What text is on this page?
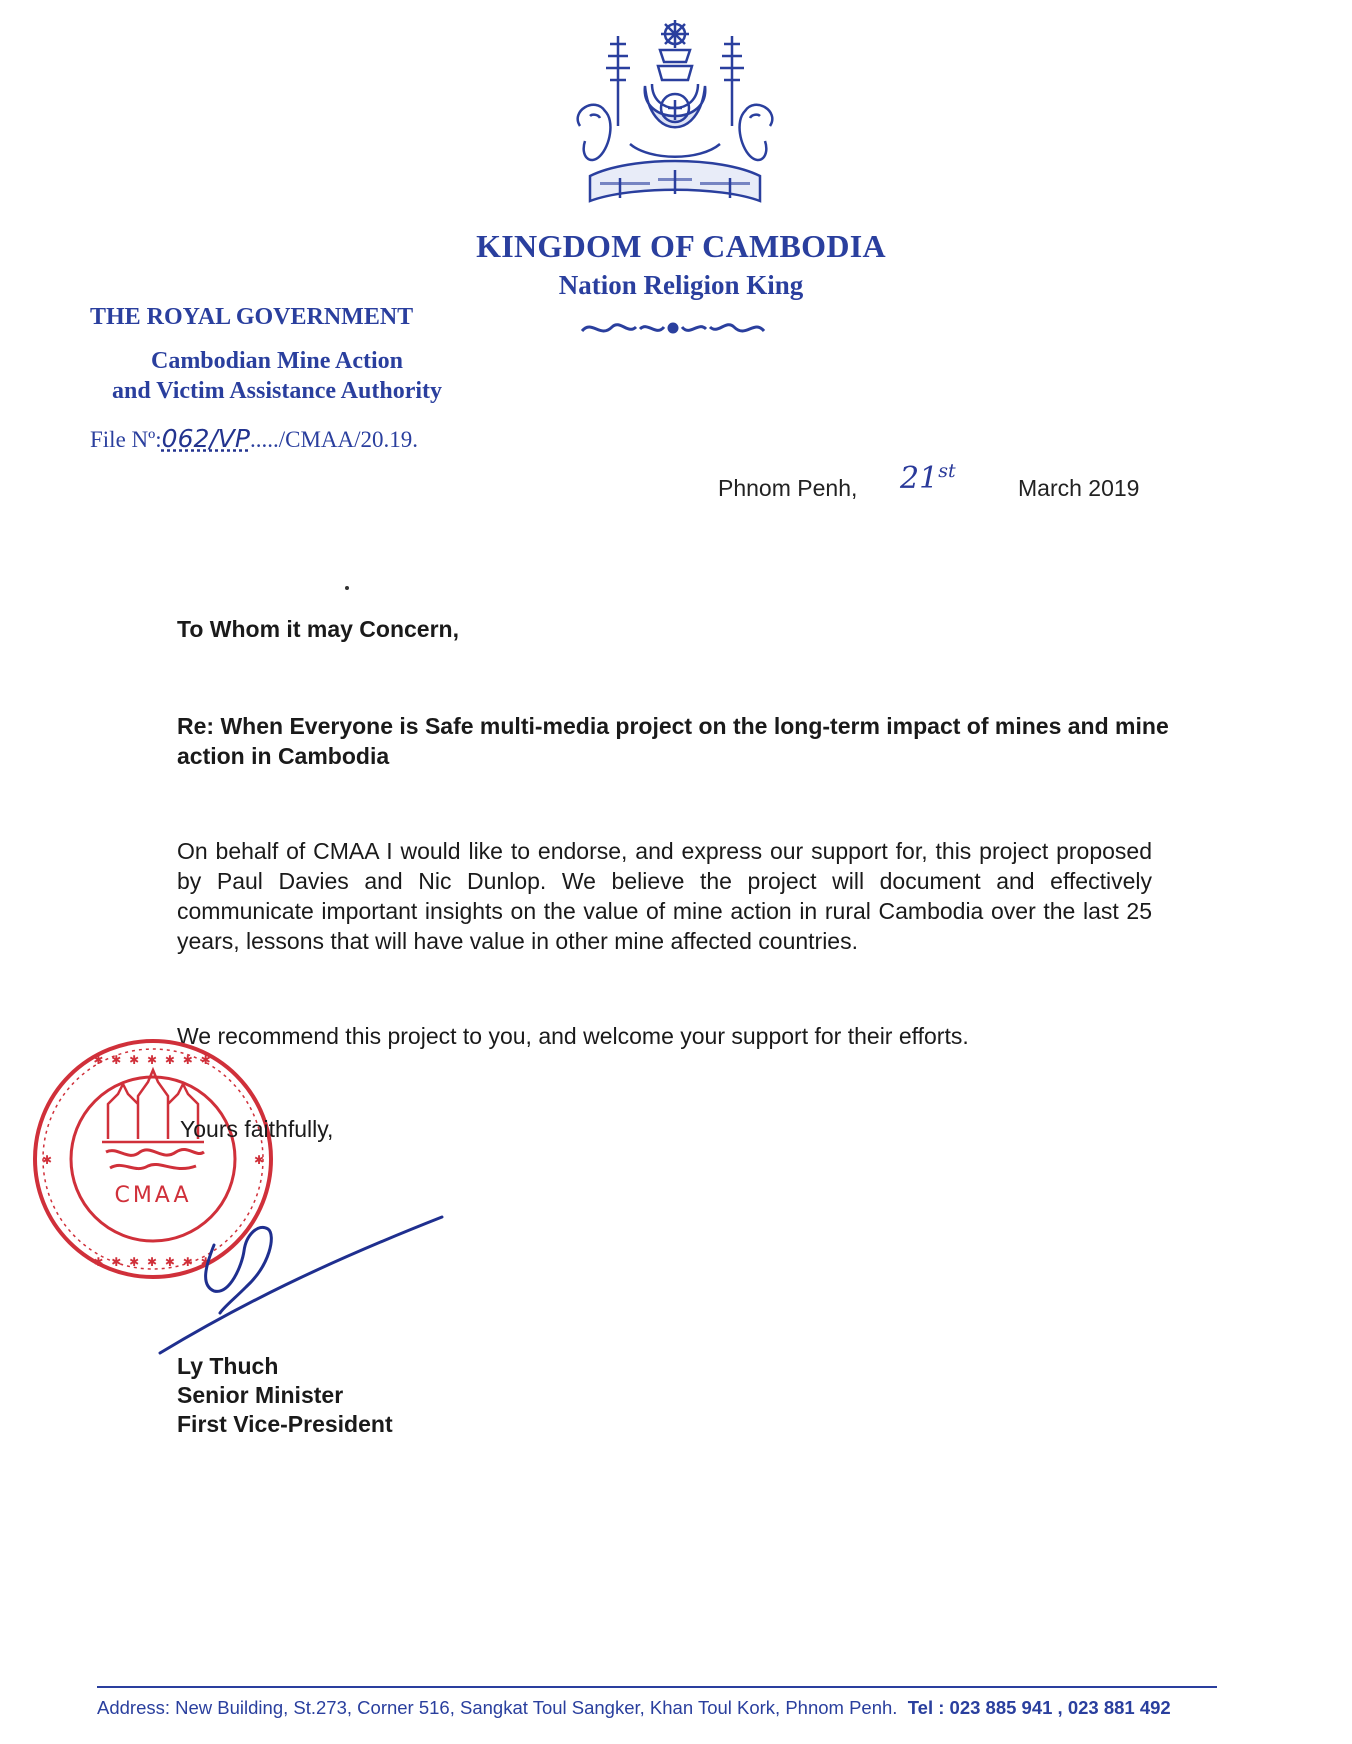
KINGDOM OF CAMBODIA
Nation Religion King
THE ROYAL GOVERNMENT
Cambodian Mine Action
and Victim Assistance Authority
File Nº:062/VP...../CMAA/20.19.
Phnom Penh, 21st
March 2019
To Whom it may Concern,
Re: When Everyone is Safe multi-media project on the long-term impact of mines and mine action in Cambodia
On behalf of CMAA I would like to endorse, and express our support for, this project proposed by Paul Davies and Nic Dunlop. We believe the project will document and effectively communicate important insights on the value of mine action in rural Cambodia over the last 25 years, lessons that will have value in other mine affected countries.
We recommend this project to you, and welcome your support for their efforts.
✱ ✱ ✱ ✱ ✱ ✱ ✱
✱ ✱ ✱ ✱ ✱ ✱ ✱
✱	✱
CMAA
Yours faithfully,
Ly Thuch
Senior Minister
First Vice-President
Address: New Building, St.273, Corner 516, Sangkat Toul Sangker, Khan Toul Kork, Phnom Penh. Tel : 023 885 941 , 023 881 492
